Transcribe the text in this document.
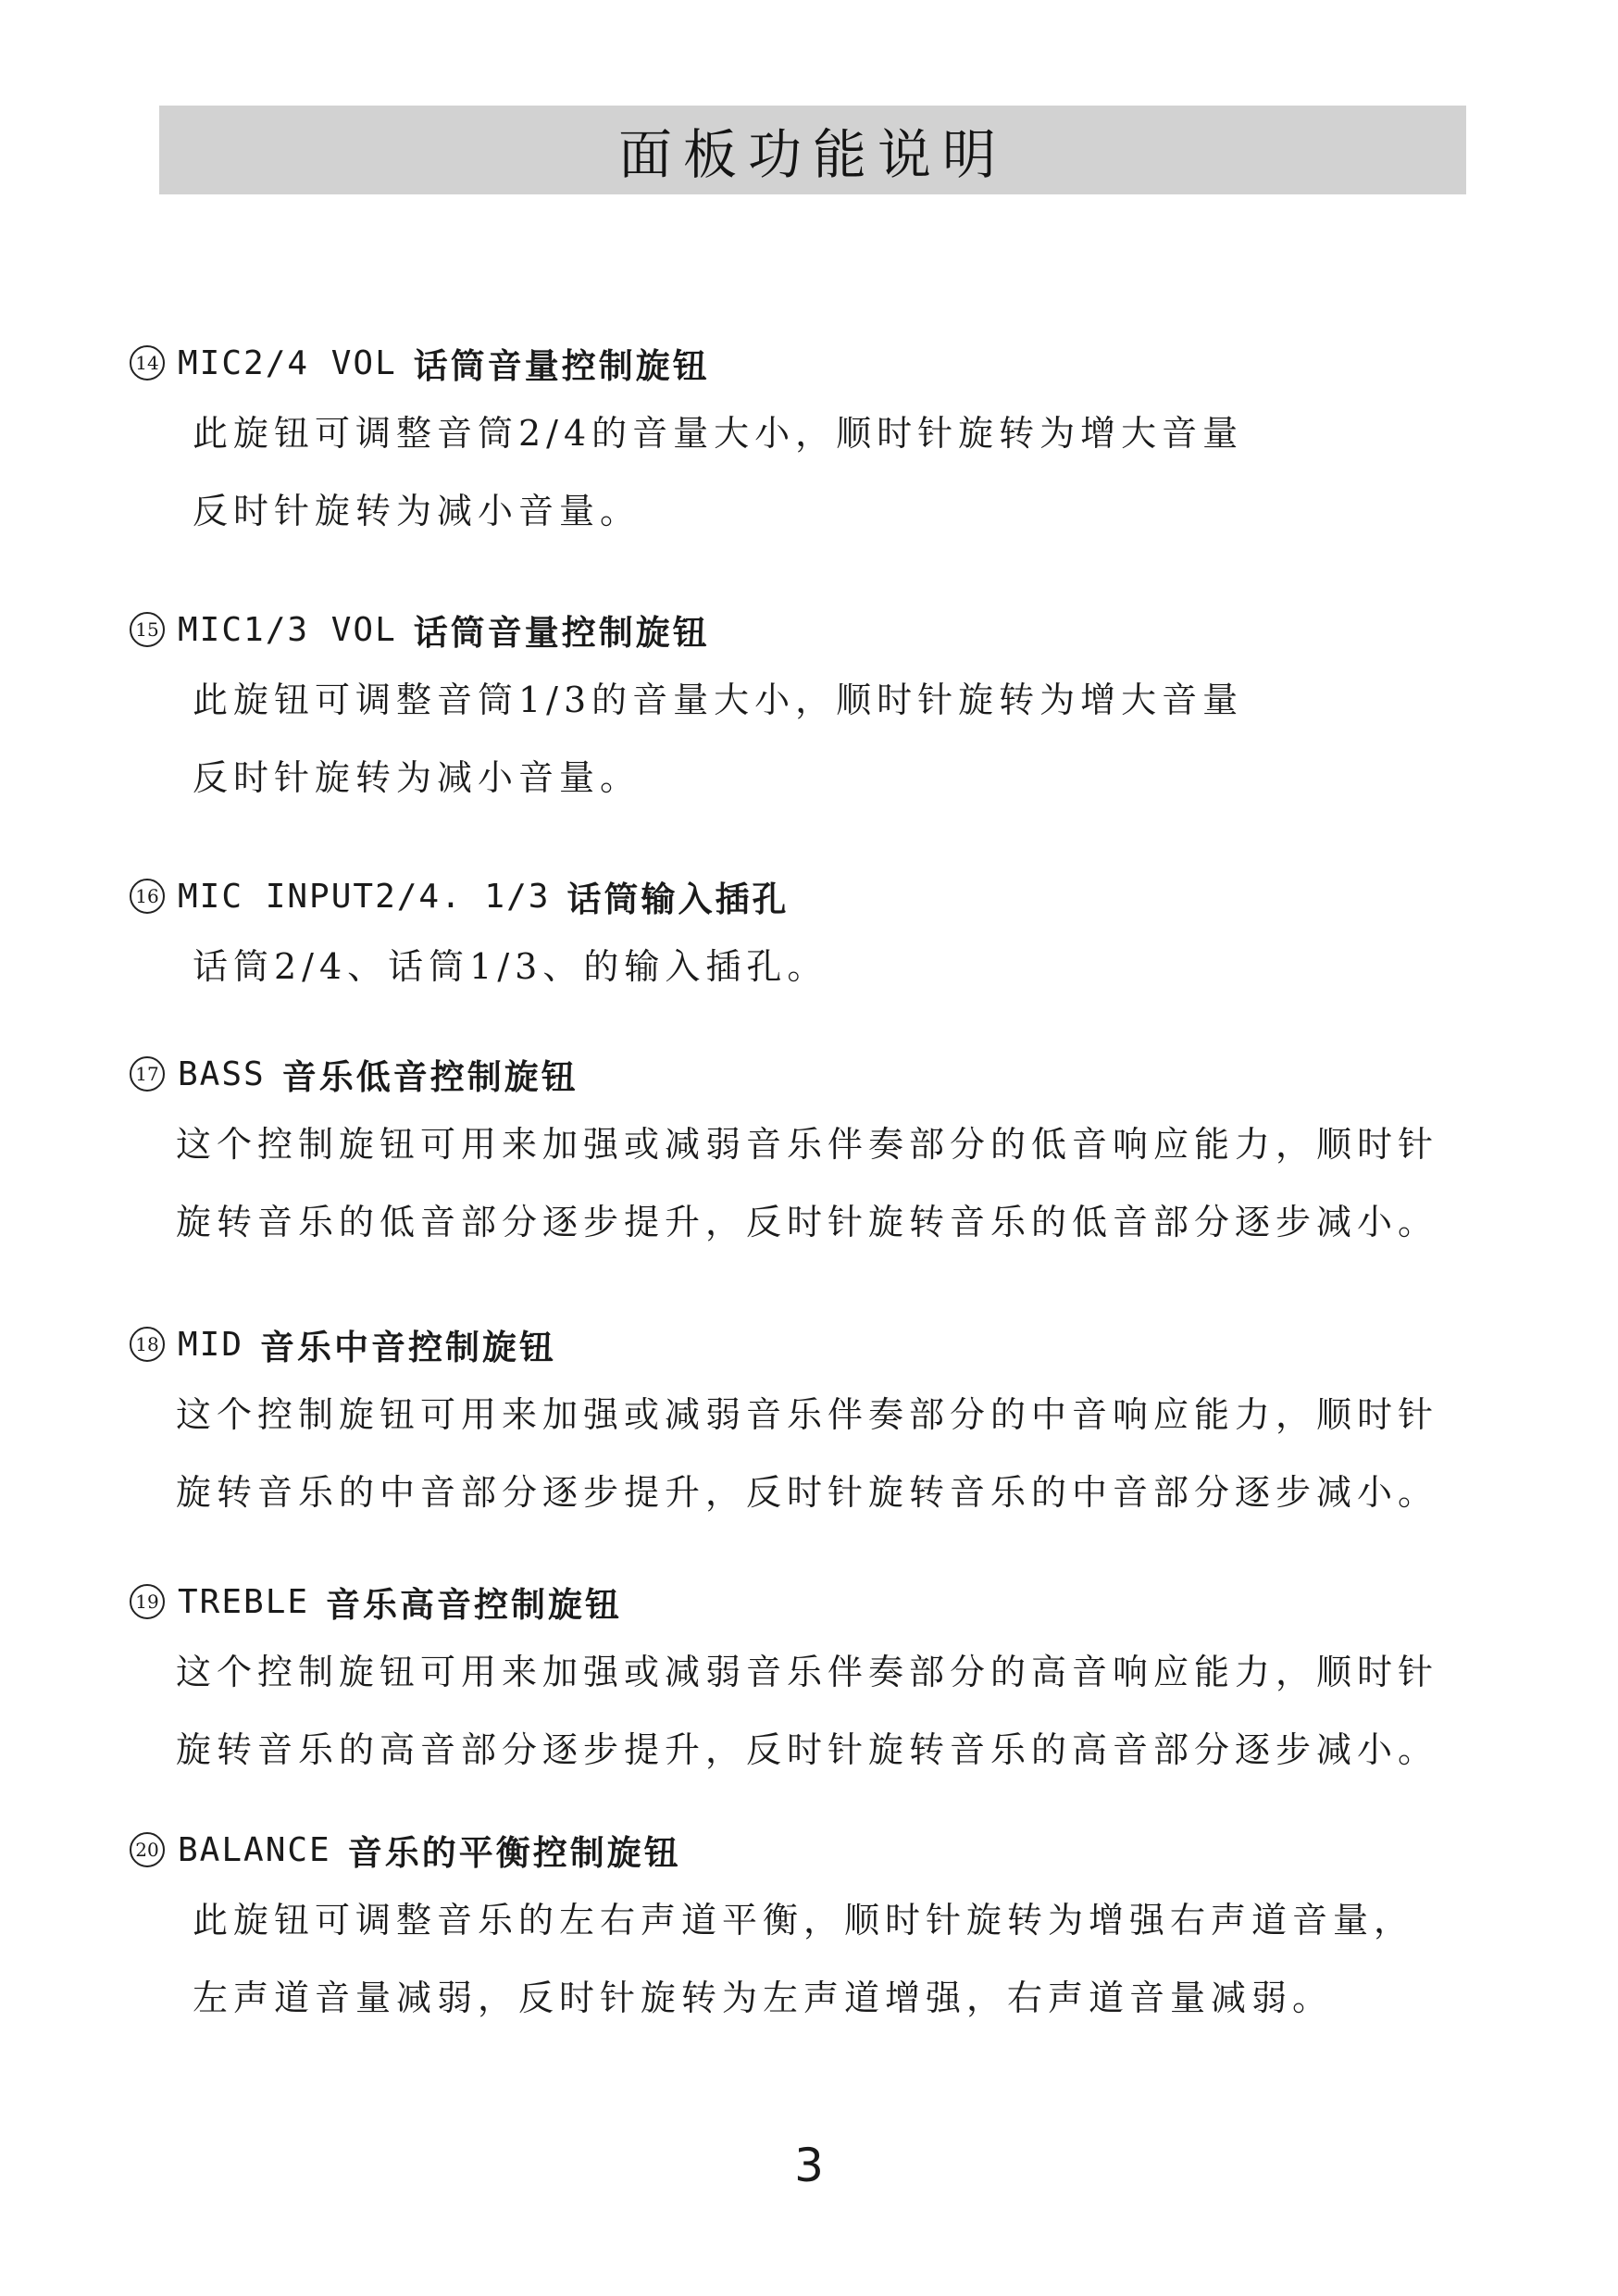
面板功能说明
14 MIC2/4 VOL 话筒音量控制旋钮
此旋钮可调整音筒2/4的音量大小，顺时针旋转为增大音量
反时针旋转为减小音量。
15 MIC1/3 VOL 话筒音量控制旋钮
此旋钮可调整音筒1/3的音量大小，顺时针旋转为增大音量
反时针旋转为减小音量。
16 MIC INPUT2/4. 1/3 话筒输入插孔
话筒2/4、话筒1/3、的输入插孔。
17 BASS 音乐低音控制旋钮
这个控制旋钮可用来加强或减弱音乐伴奏部分的低音响应能力，顺时针
旋转音乐的低音部分逐步提升，反时针旋转音乐的低音部分逐步减小。
18 MID 音乐中音控制旋钮
这个控制旋钮可用来加强或减弱音乐伴奏部分的中音响应能力，顺时针
旋转音乐的中音部分逐步提升，反时针旋转音乐的中音部分逐步减小。
19 TREBLE 音乐高音控制旋钮
这个控制旋钮可用来加强或减弱音乐伴奏部分的高音响应能力，顺时针
旋转音乐的高音部分逐步提升，反时针旋转音乐的高音部分逐步减小。
20 BALANCE 音乐的平衡控制旋钮
此旋钮可调整音乐的左右声道平衡，顺时针旋转为增强右声道音量，
左声道音量减弱，反时针旋转为左声道增强，右声道音量减弱。
3
